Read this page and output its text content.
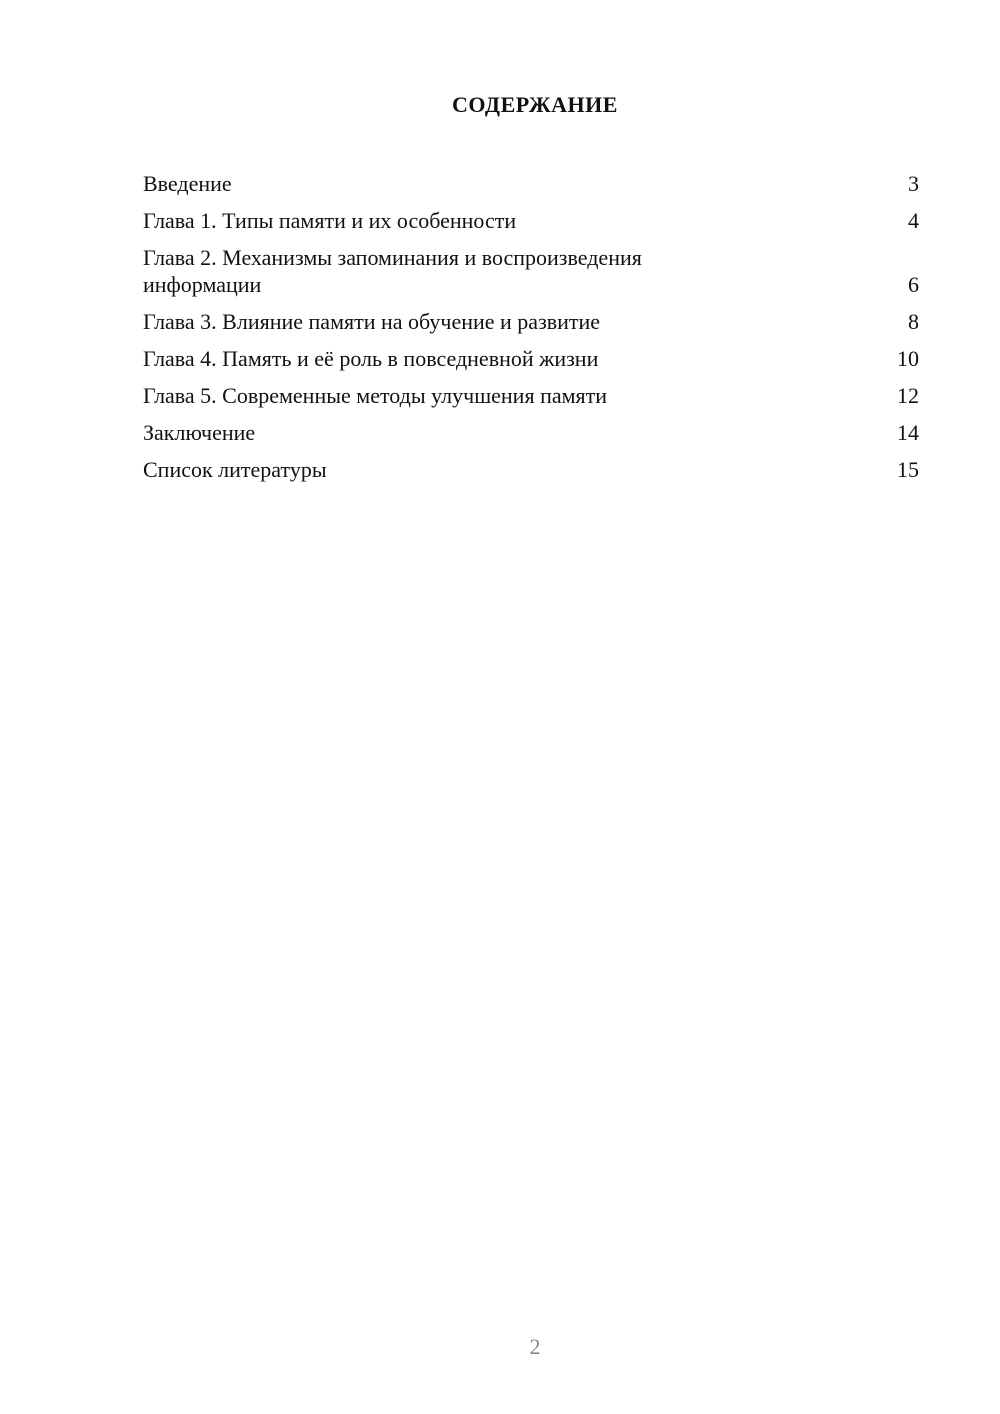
СОДЕРЖАНИЕ
Введение	3
Глава 1. Типы памяти и их особенности	4
Глава 2. Механизмы запоминания и воспроизведения информации	6
Глава 3. Влияние памяти на обучение и развитие	8
Глава 4. Память и её роль в повседневной жизни	10
Глава 5. Современные методы улучшения памяти	12
Заключение	14
Список литературы	15
2
